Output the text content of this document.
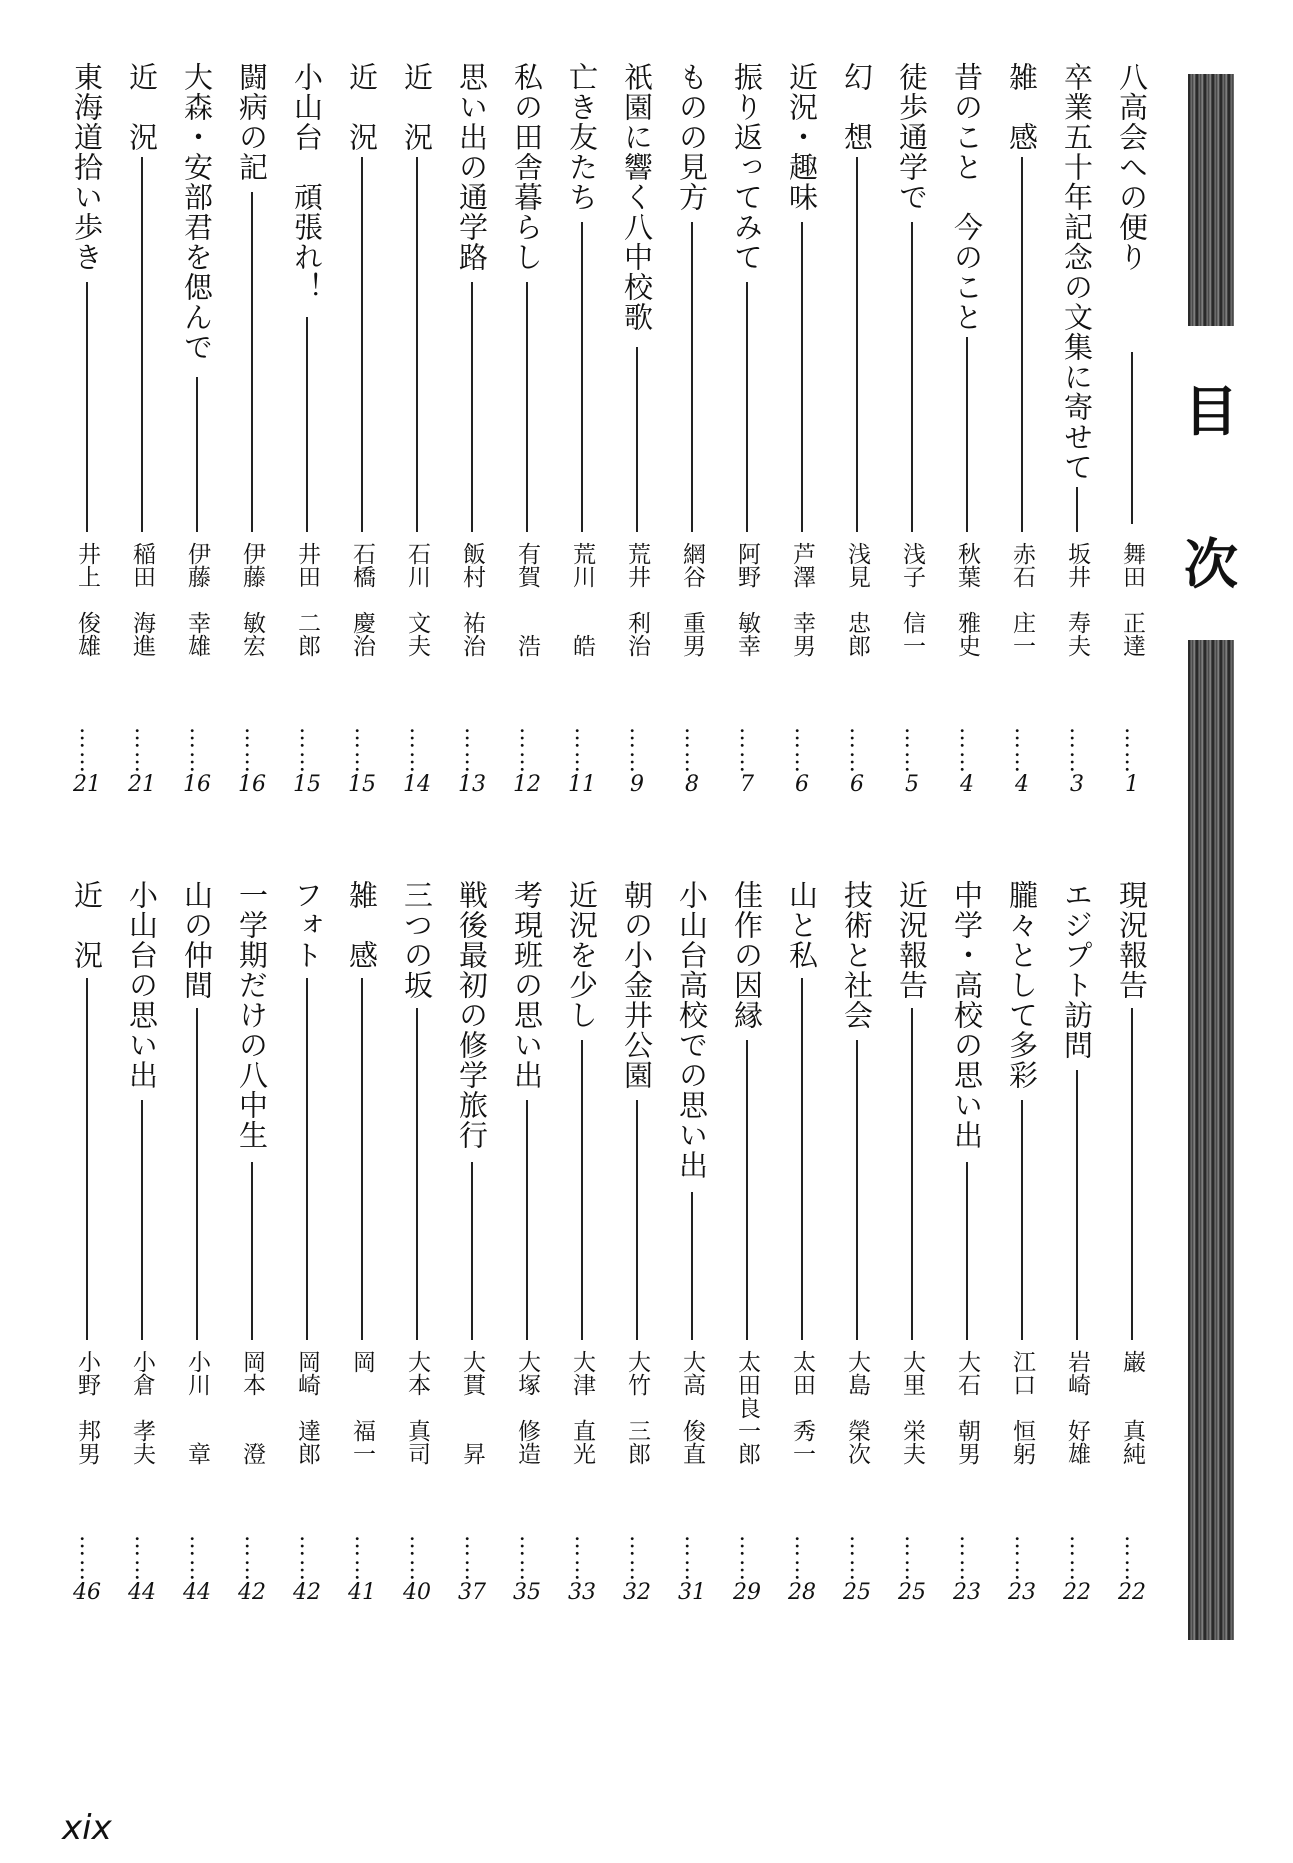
目
次
八高会への便り
舞田　正達
……
1
卒業五十年記念の文集に寄せて
坂井　寿夫
……
3
雑　感
赤石　庄一
……
4
昔のこと　今のこと
秋葉　雅史
……
4
徒歩通学で
浅子　信一
……
5
幻　想
浅見　忠郎
……
6
近況・趣味
芦澤　幸男
……
6
振り返ってみて
阿野　敏幸
……
7
ものの見方
網谷　重男
……
8
祇園に響く八中校歌
荒井　利治
……
9
亡き友たち
荒川　　皓
……
11
私の田舎暮らし
有賀　　浩
……
12
思い出の通学路
飯村　祐治
……
13
近　況
石川　文夫
……
14
近　況
石橋　慶治
……
15
小山台　頑張れ！
井田　二郎
……
15
闘病の記
伊藤　敏宏
……
16
大森・安部君を偲んで
伊藤　幸雄
……
16
近　況
稲田　海進
……
21
東海道拾い歩き
井上　俊雄
……
21
現況報告
巌　　真純
……
22
エジプト訪問
岩崎　好雄
……
22
朧々として多彩
江口　恒躬
……
23
中学・高校の思い出
大石　朝男
……
23
近況報告
大里　栄夫
……
25
技術と社会
大島　榮次
……
25
山と私
太田　秀一
……
28
佳作の因縁
太田良一郎
……
29
小山台高校での思い出
大高　俊直
……
31
朝の小金井公園
大竹　三郎
……
32
近況を少し
大津　直光
……
33
考現班の思い出
大塚　修造
……
35
戦後最初の修学旅行
大貫　　昇
……
37
三つの坂
大本　真司
……
40
雑　感
岡　　福一
……
41
フォト
岡崎　達郎
……
42
一学期だけの八中生
岡本　　澄
……
42
山の仲間
小川　　章
……
44
小山台の思い出
小倉　孝夫
……
44
近　況
小野　邦男
……
46
xix
